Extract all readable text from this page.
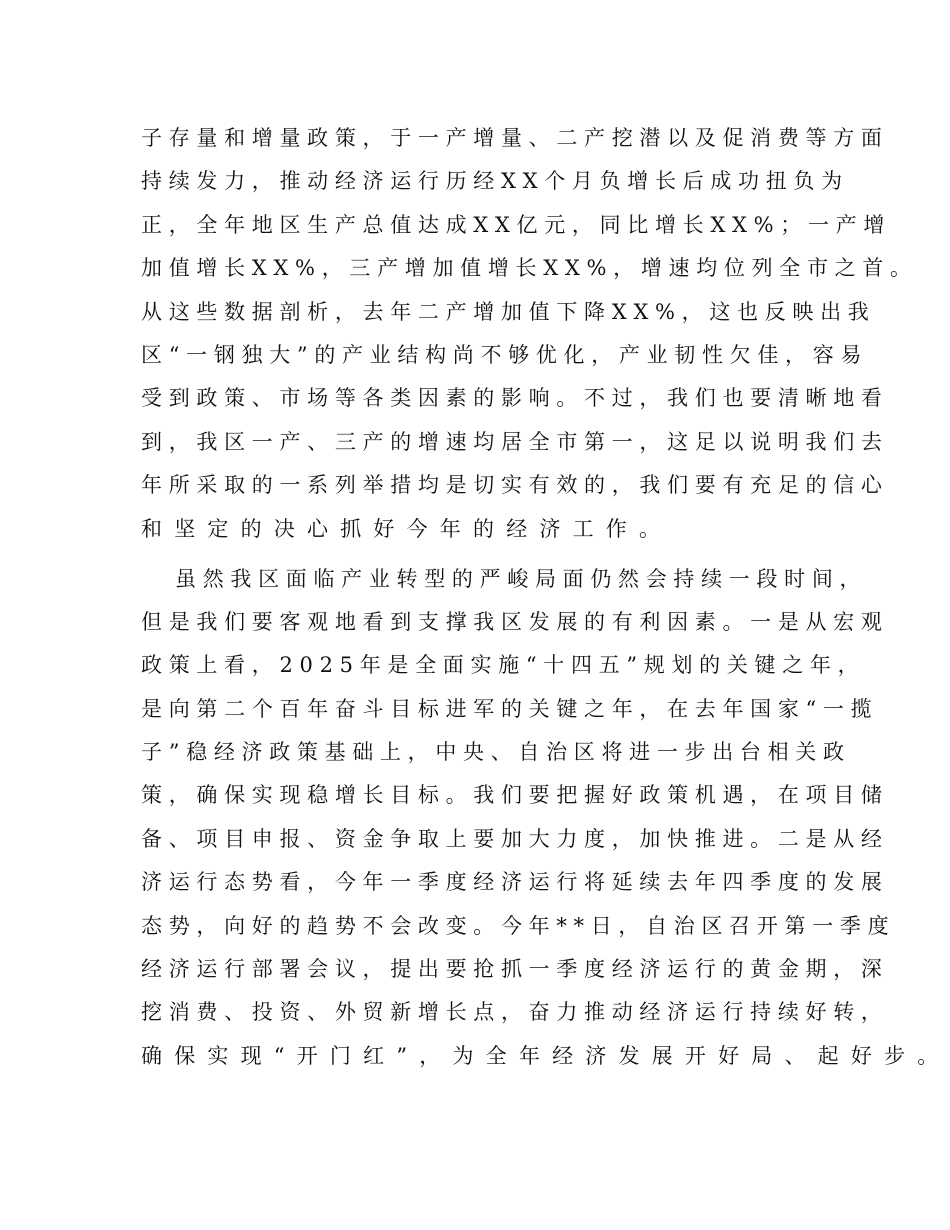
子 存 量 和 增 量 政 策 ， 于 一 产 增 量 、 二 产 挖 潜 以 及 促 消 费 等 方 面
持 续 发 力 ， 推 动 经 济 运 行 历 经 X X 个 月 负 增 长 后 成 功 扭 负 为
正 ， 全 年 地 区 生 产 总 值 达 成 X X 亿 元 ， 同 比 增 长 X X % ； 一 产 增
加 值 增 长 X X % ， 三 产 增 加 值 增 长 X X % ， 增 速 均 位 列 全 市 之 首 。
从 这 些 数 据 剖 析 ， 去 年 二 产 增 加 值 下 降 X X % ， 这 也 反 映 出 我
区 “ 一 钢 独 大 ” 的 产 业 结 构 尚 不 够 优 化 ， 产 业 韧 性 欠 佳 ， 容 易
受 到 政 策 、 市 场 等 各 类 因 素 的 影 响 。 不 过 ， 我 们 也 要 清 晰 地 看
到 ， 我 区 一 产 、 三 产 的 增 速 均 居 全 市 第 一 ， 这 足 以 说 明 我 们 去
年 所 采 取 的 一 系 列 举 措 均 是 切 实 有 效 的 ， 我 们 要 有 充 足 的 信 心
和坚定的决心抓好今年的经济工作。
虽 然 我 区 面 临 产 业 转 型 的 严 峻 局 面 仍 然 会 持 续 一 段 时 间 ，
但 是 我 们 要 客 观 地 看 到 支 撑 我 区 发 展 的 有 利 因 素 。 一 是 从 宏 观
政 策 上 看 ， 2 0 2 5 年 是 全 面 实 施 “ 十 四 五 ” 规 划 的 关 键 之 年 ，
是 向 第 二 个 百 年 奋 斗 目 标 进 军 的 关 键 之 年 ， 在 去 年 国 家 “ 一 揽
子 ” 稳 经 济 政 策 基 础 上 ， 中 央 、 自 治 区 将 进 一 步 出 台 相 关 政
策 ， 确 保 实 现 稳 增 长 目 标 。 我 们 要 把 握 好 政 策 机 遇 ， 在 项 目 储
备 、 项 目 申 报 、 资 金 争 取 上 要 加 大 力 度 ， 加 快 推 进 。 二 是 从 经
济 运 行 态 势 看 ， 今 年 一 季 度 经 济 运 行 将 延 续 去 年 四 季 度 的 发 展
态 势 ， 向 好 的 趋 势 不 会 改 变 。 今 年 * * 日 ， 自 治 区 召 开 第 一 季 度
经 济 运 行 部 署 会 议 ， 提 出 要 抢 抓 一 季 度 经 济 运 行 的 黄 金 期 ， 深
挖 消 费 、 投 资 、 外 贸 新 增 长 点 ， 奋 力 推 动 经 济 运 行 持 续 好 转 ，
确保实现“开门红”，为全年经济发展开好局、起好步。
